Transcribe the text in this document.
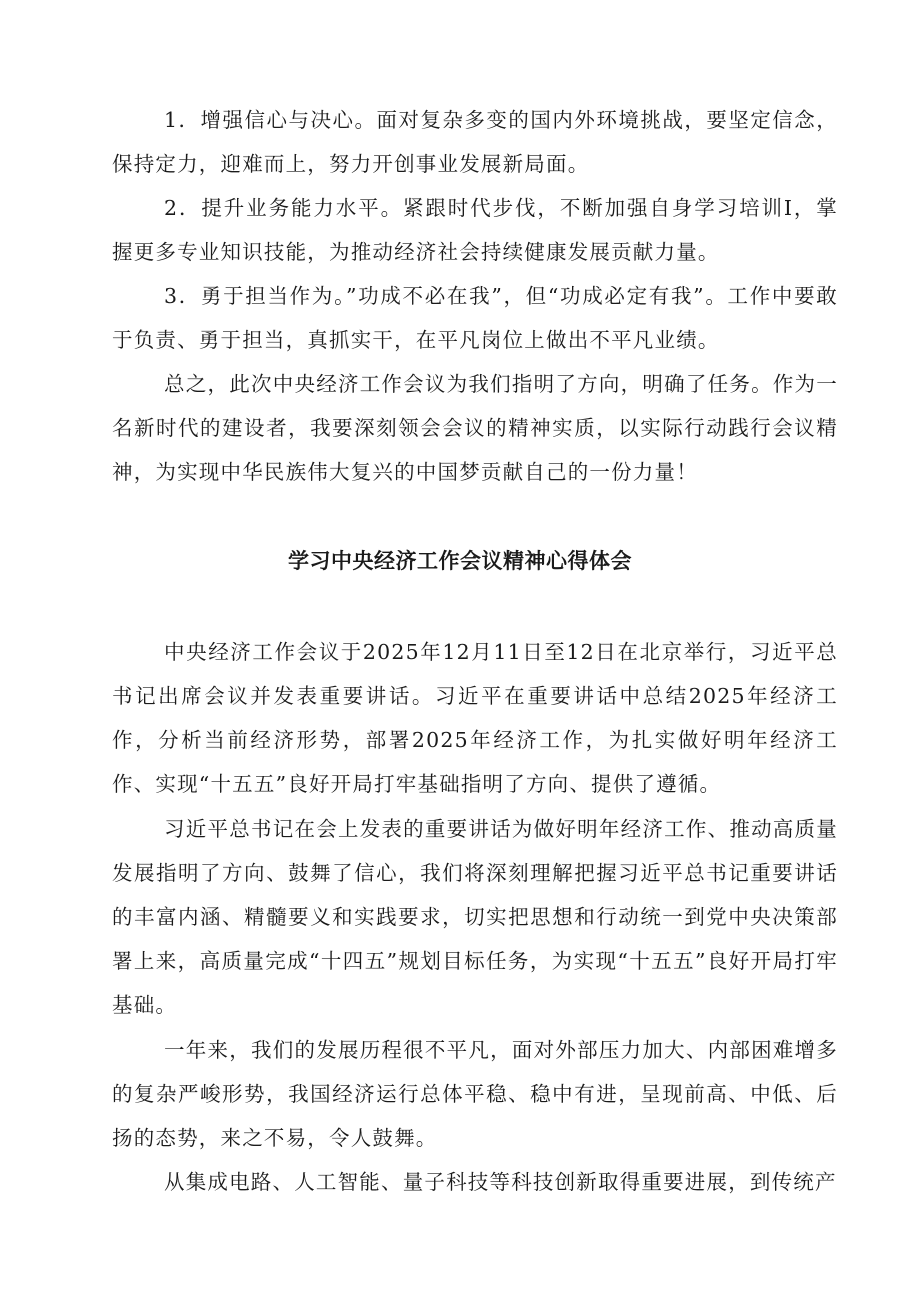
1．增强信心与决心。面对复杂多变的国内外环境挑战，要坚定信念，保持定力，迎难而上，努力开创事业发展新局面。

2．提升业务能力水平。紧跟时代步伐，不断加强自身学习培训I，掌握更多专业知识技能，为推动经济社会持续健康发展贡献力量。

3．勇于担当作为。”功成不必在我”，但“功成必定有我”。工作中要敢于负责、勇于担当，真抓实干，在平凡岗位上做出不平凡业绩。

总之，此次中央经济工作会议为我们指明了方向，明确了任务。作为一名新时代的建设者，我要深刻领会会议的精神实质，以实际行动践行会议精神，为实现中华民族伟大复兴的中国梦贡献自己的一份力量！

学习中央经济工作会议精神心得体会

中央经济工作会议于2025年12月11日至12日在北京举行，习近平总书记出席会议并发表重要讲话。习近平在重要讲话中总结2025年经济工作，分析当前经济形势，部署2025年经济工作，为扎实做好明年经济工作、实现“十五五”良好开局打牢基础指明了方向、提供了遵循。

习近平总书记在会上发表的重要讲话为做好明年经济工作、推动高质量发展指明了方向、鼓舞了信心，我们将深刻理解把握习近平总书记重要讲话的丰富内涵、精髓要义和实践要求，切实把思想和行动统一到党中央决策部署上来，高质量完成“十四五”规划目标任务，为实现“十五五”良好开局打牢基础。

一年来，我们的发展历程很不平凡，面对外部压力加大、内部困难增多的复杂严峻形势，我国经济运行总体平稳、稳中有进，呈现前高、中低、后扬的态势，来之不易，令人鼓舞。

从集成电路、人工智能、量子科技等科技创新取得重要进展，到传统产
